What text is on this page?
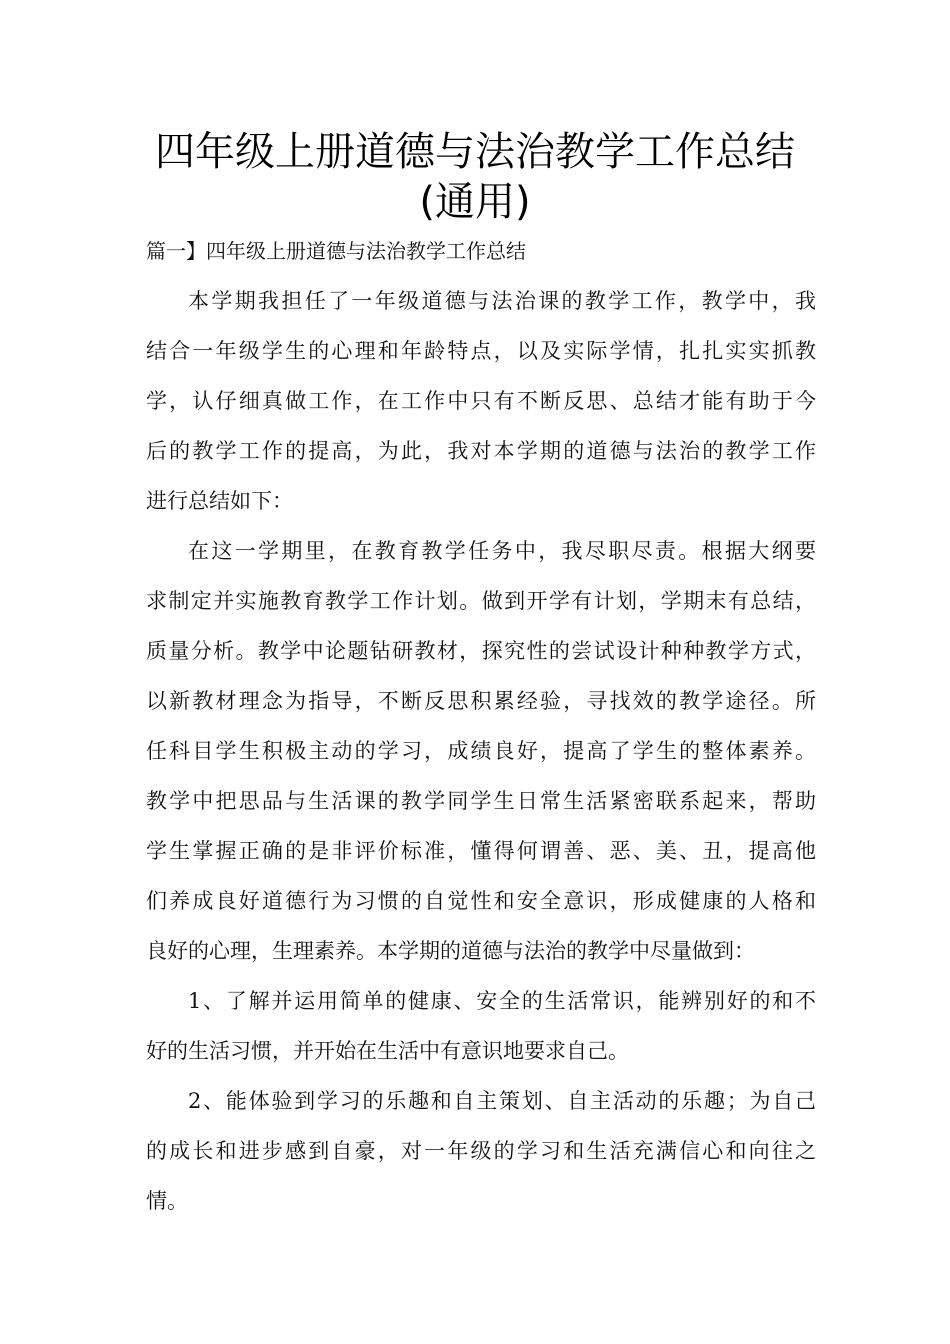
四年级上册道德与法治教学工作总结
(通用)
篇一】四年级上册道德与法治教学工作总结
本学期我担任了一年级道德与法治课的教学工作，教学中，我
结合一年级学生的心理和年龄特点，以及实际学情，扎扎实实抓教
学，认仔细真做工作，在工作中只有不断反思、总结才能有助于今
后的教学工作的提高，为此，我对本学期的道德与法治的教学工作
进行总结如下：
在这一学期里，在教育教学任务中，我尽职尽责。根据大纲要
求制定并实施教育教学工作计划。做到开学有计划，学期末有总结，
质量分析。教学中论题钻研教材，探究性的尝试设计种种教学方式，
以新教材理念为指导，不断反思积累经验，寻找效的教学途径。所
任科目学生积极主动的学习，成绩良好，提高了学生的整体素养。
教学中把思品与生活课的教学同学生日常生活紧密联系起来，帮助
学生掌握正确的是非评价标准，懂得何谓善、恶、美、丑，提高他
们养成良好道德行为习惯的自觉性和安全意识，形成健康的人格和
良好的心理，生理素养。本学期的道德与法治的教学中尽量做到：
1、了解并运用简单的健康、安全的生活常识，能辨别好的和不
好的生活习惯，并开始在生活中有意识地要求自己。
2、能体验到学习的乐趣和自主策划、自主活动的乐趣；为自己
的成长和进步感到自豪，对一年级的学习和生活充满信心和向往之
情。
